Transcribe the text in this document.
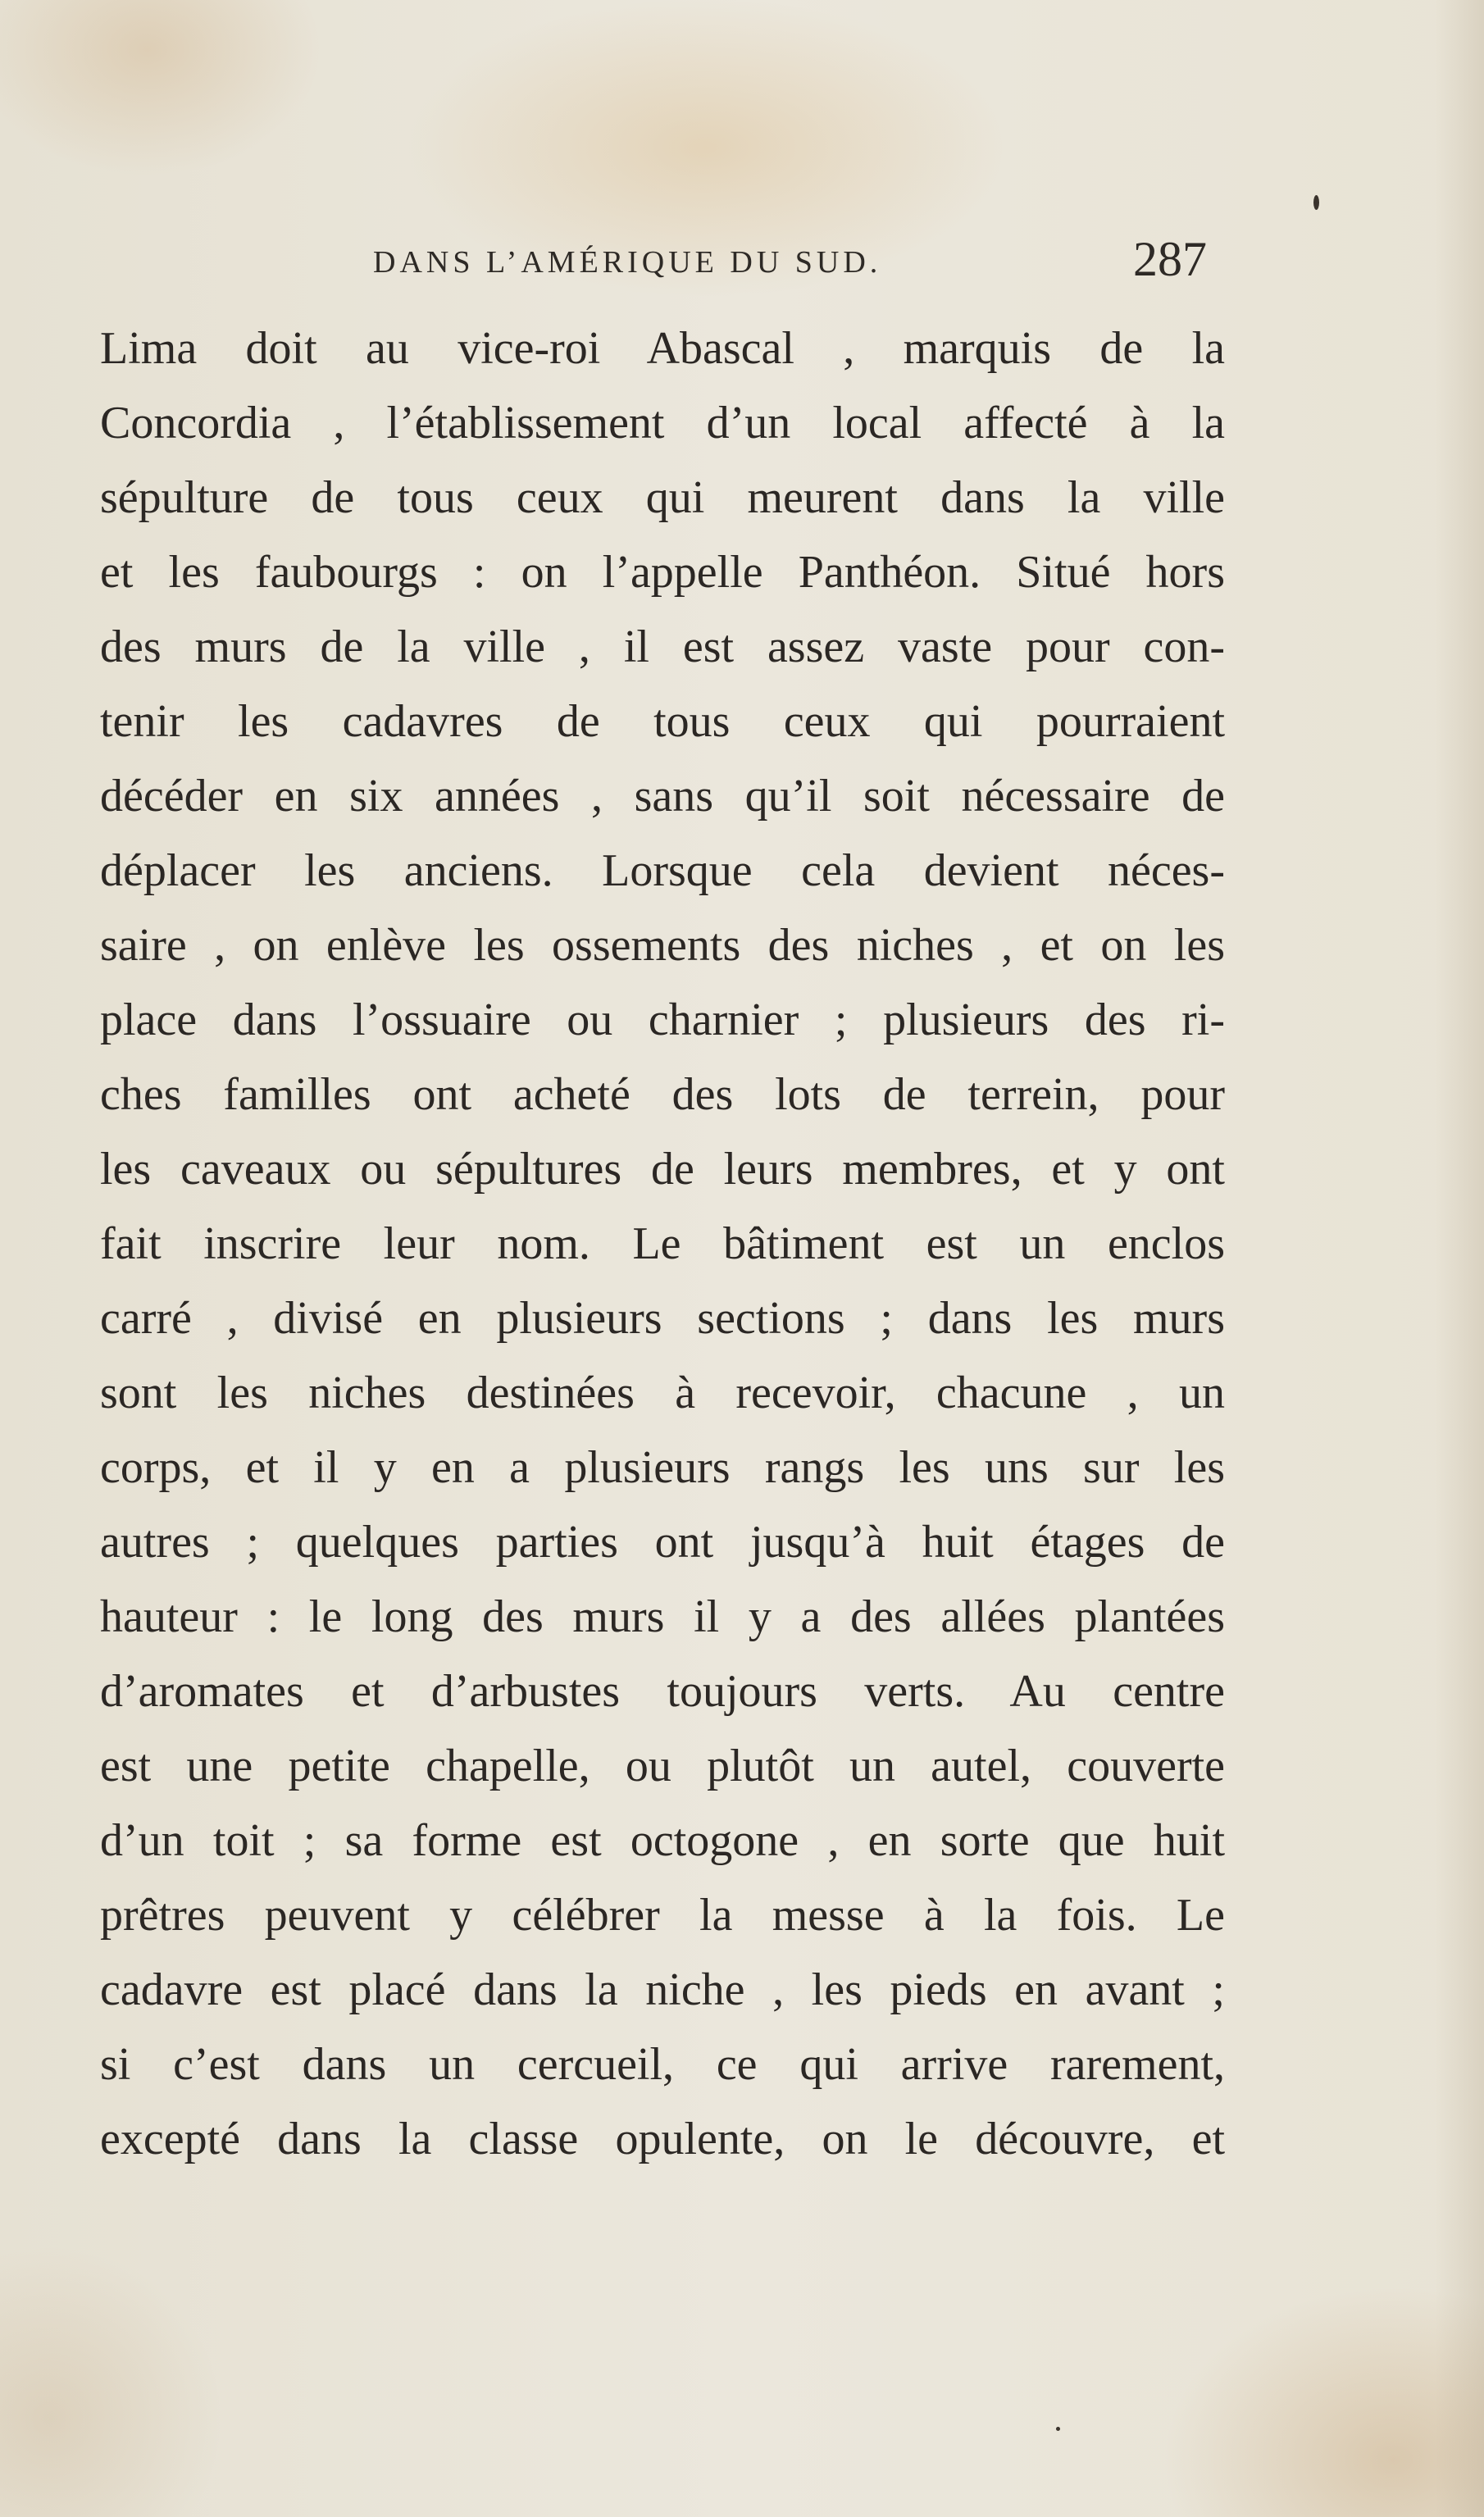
DANS L’AMÉRIQUE DU SUD.	287
Lima doit au vice-roi Abascal , marquis de la
Concordia , l’établissement d’un local affecté à la
sépulture de tous ceux qui meurent dans la ville
et les faubourgs : on l’appelle Panthéon. Situé hors
des murs de la ville , il est assez vaste pour con-
tenir les cadavres de tous ceux qui pourraient
décéder en six années , sans qu’il soit nécessaire de
déplacer les anciens. Lorsque cela devient néces-
saire , on enlève les ossements des niches , et on les
place dans l’ossuaire ou charnier ; plusieurs des ri-
ches familles ont acheté des lots de terrein, pour
les caveaux ou sépultures de leurs membres, et y ont
fait inscrire leur nom. Le bâtiment est un enclos
carré , divisé en plusieurs sections ; dans les murs
sont les niches destinées à recevoir, chacune , un
corps, et il y en a plusieurs rangs les uns sur les
autres ; quelques parties ont jusqu’à huit étages de
hauteur : le long des murs il y a des allées plantées
d’aromates et d’arbustes toujours verts. Au centre
est une petite chapelle, ou plutôt un autel, couverte
d’un toit ; sa forme est octogone , en sorte que huit
prêtres peuvent y célébrer la messe à la fois. Le
cadavre est placé dans la niche , les pieds en avant ;
si c’est dans un cercueil, ce qui arrive rarement,
excepté dans la classe opulente, on le découvre, et
